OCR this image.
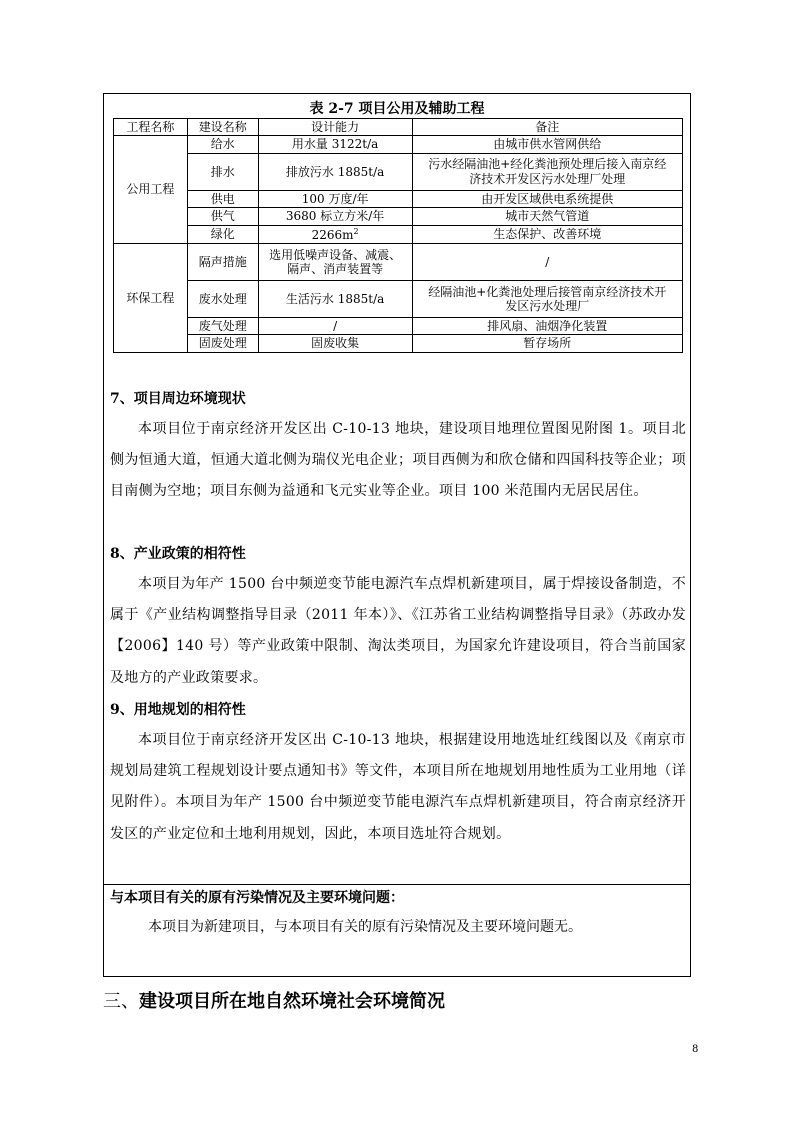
表 2-7 项目公用及辅助工程
工程名称	建设名称	设计能力	备注
公用工程	给水	用水量 3122t/a	由城市供水管网供给
	排水	排放污水 1885t/a	污水经隔油池+经化粪池预处理后接入南京经济技术开发区污水处理厂处理
	供电	100 万度/年	由开发区域供电系统提供
	供气	3680 标立方米/年	城市天然气管道
	绿化	$2266m^2$	生态保护、改善环境
环保工程	隔声措施	选用低噪声设备、减震、隔声、消声装置等	/
	废水处理	生活污水 1885t/a	经隔油池+化粪池处理后接管南京经济技术开发区污水处理厂
	废气处理	/	排风扇、油烟净化装置
	固废处理	固废收集	暂存场所
7、项目周边环境现状
本项目位于南京经济开发区出 C-10-13 地块，建设项目地理位置图见附图 1。项目北侧为恒通大道，恒通大道北侧为瑞仪光电企业；项目西侧为和欣仓储和四国科技等企业；项目南侧为空地；项目东侧为益通和飞元实业等企业。项目 100 米范围内无居民居住。
8、产业政策的相符性
本项目为年产 1500 台中频逆变节能电源汽车点焊机新建项目，属于焊接设备制造，不属于《产业结构调整指导目录（2011 年本）》、《江苏省工业结构调整指导目录》（苏政办发【2006】140 号）等产业政策中限制、淘汰类项目，为国家允许建设项目，符合当前国家及地方的产业政策要求。
9、用地规划的相符性
本项目位于南京经济开发区出 C-10-13 地块，根据建设用地选址红线图以及《南京市规划局建筑工程规划设计要点通知书》等文件，本项目所在地规划用地性质为工业用地（详见附件）。本项目为年产 1500 台中频逆变节能电源汽车点焊机新建项目，符合南京经济开发区的产业定位和土地利用规划，因此，本项目选址符合规划。
与本项目有关的原有污染情况及主要环境问题：
本项目为新建项目，与本项目有关的原有污染情况及主要环境问题无。
三、建设项目所在地自然环境社会环境简况
8
